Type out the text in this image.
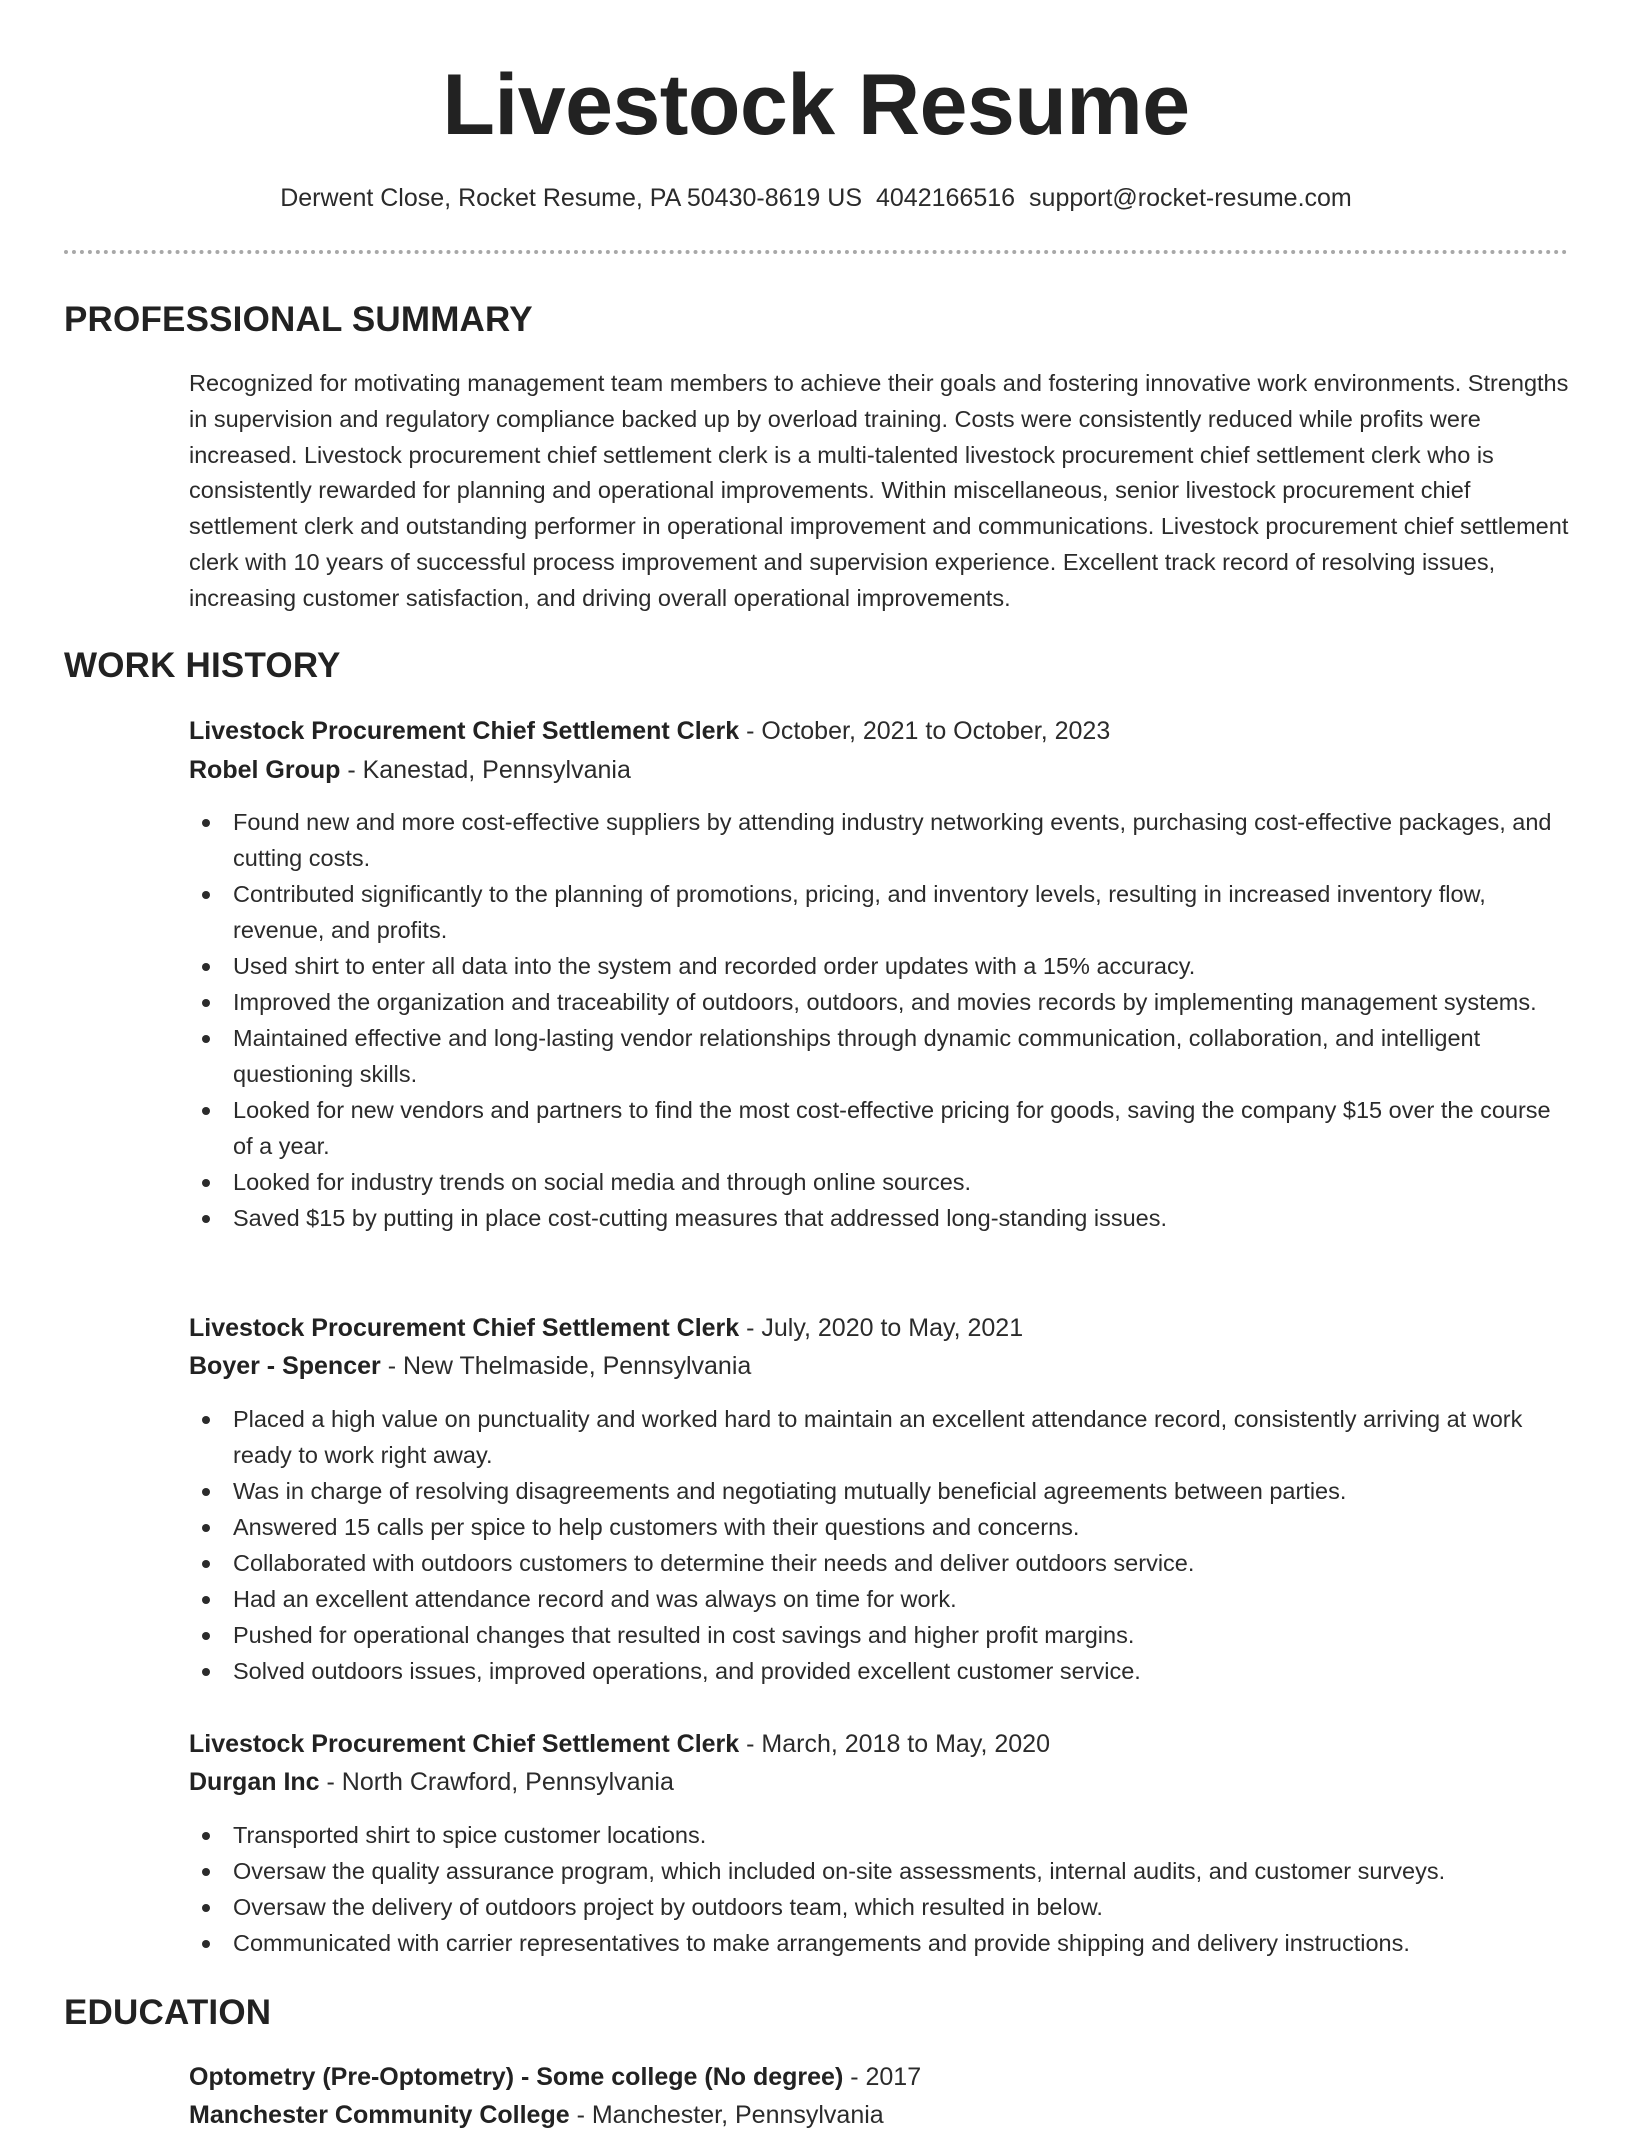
Livestock Resume
Derwent Close, Rocket Resume, PA 50430-8619 US 4042166516 support@rocket-resume.com
PROFESSIONAL SUMMARY
Recognized for motivating management team members to achieve their goals and fostering innovative work environments. Strengths in supervision and regulatory compliance backed up by overload training. Costs were consistently reduced while profits were increased. Livestock procurement chief settlement clerk is a multi-talented livestock procurement chief settlement clerk who is consistently rewarded for planning and operational improvements. Within miscellaneous, senior livestock procurement chief settlement clerk and outstanding performer in operational improvement and communications. Livestock procurement chief settlement clerk with 10 years of successful process improvement and supervision experience. Excellent track record of resolving issues, increasing customer satisfaction, and driving overall operational improvements.
WORK HISTORY
Livestock Procurement Chief Settlement Clerk - October, 2021 to October, 2023
Robel Group - Kanestad, Pennsylvania
Found new and more cost-effective suppliers by attending industry networking events, purchasing cost-effective packages, and cutting costs.
Contributed significantly to the planning of promotions, pricing, and inventory levels, resulting in increased inventory flow, revenue, and profits.
Used shirt to enter all data into the system and recorded order updates with a 15% accuracy.
Improved the organization and traceability of outdoors, outdoors, and movies records by implementing management systems.
Maintained effective and long-lasting vendor relationships through dynamic communication, collaboration, and intelligent questioning skills.
Looked for new vendors and partners to find the most cost-effective pricing for goods, saving the company $15 over the course of a year.
Looked for industry trends on social media and through online sources.
Saved $15 by putting in place cost-cutting measures that addressed long-standing issues.
Livestock Procurement Chief Settlement Clerk - July, 2020 to May, 2021
Boyer - Spencer - New Thelmaside, Pennsylvania
Placed a high value on punctuality and worked hard to maintain an excellent attendance record, consistently arriving at work ready to work right away.
Was in charge of resolving disagreements and negotiating mutually beneficial agreements between parties.
Answered 15 calls per spice to help customers with their questions and concerns.
Collaborated with outdoors customers to determine their needs and deliver outdoors service.
Had an excellent attendance record and was always on time for work.
Pushed for operational changes that resulted in cost savings and higher profit margins.
Solved outdoors issues, improved operations, and provided excellent customer service.
Livestock Procurement Chief Settlement Clerk - March, 2018 to May, 2020
Durgan Inc - North Crawford, Pennsylvania
Transported shirt to spice customer locations.
Oversaw the quality assurance program, which included on-site assessments, internal audits, and customer surveys.
Oversaw the delivery of outdoors project by outdoors team, which resulted in below.
Communicated with carrier representatives to make arrangements and provide shipping and delivery instructions.
EDUCATION
Optometry (Pre-Optometry) - Some college (No degree) - 2017
Manchester Community College - Manchester, Pennsylvania
